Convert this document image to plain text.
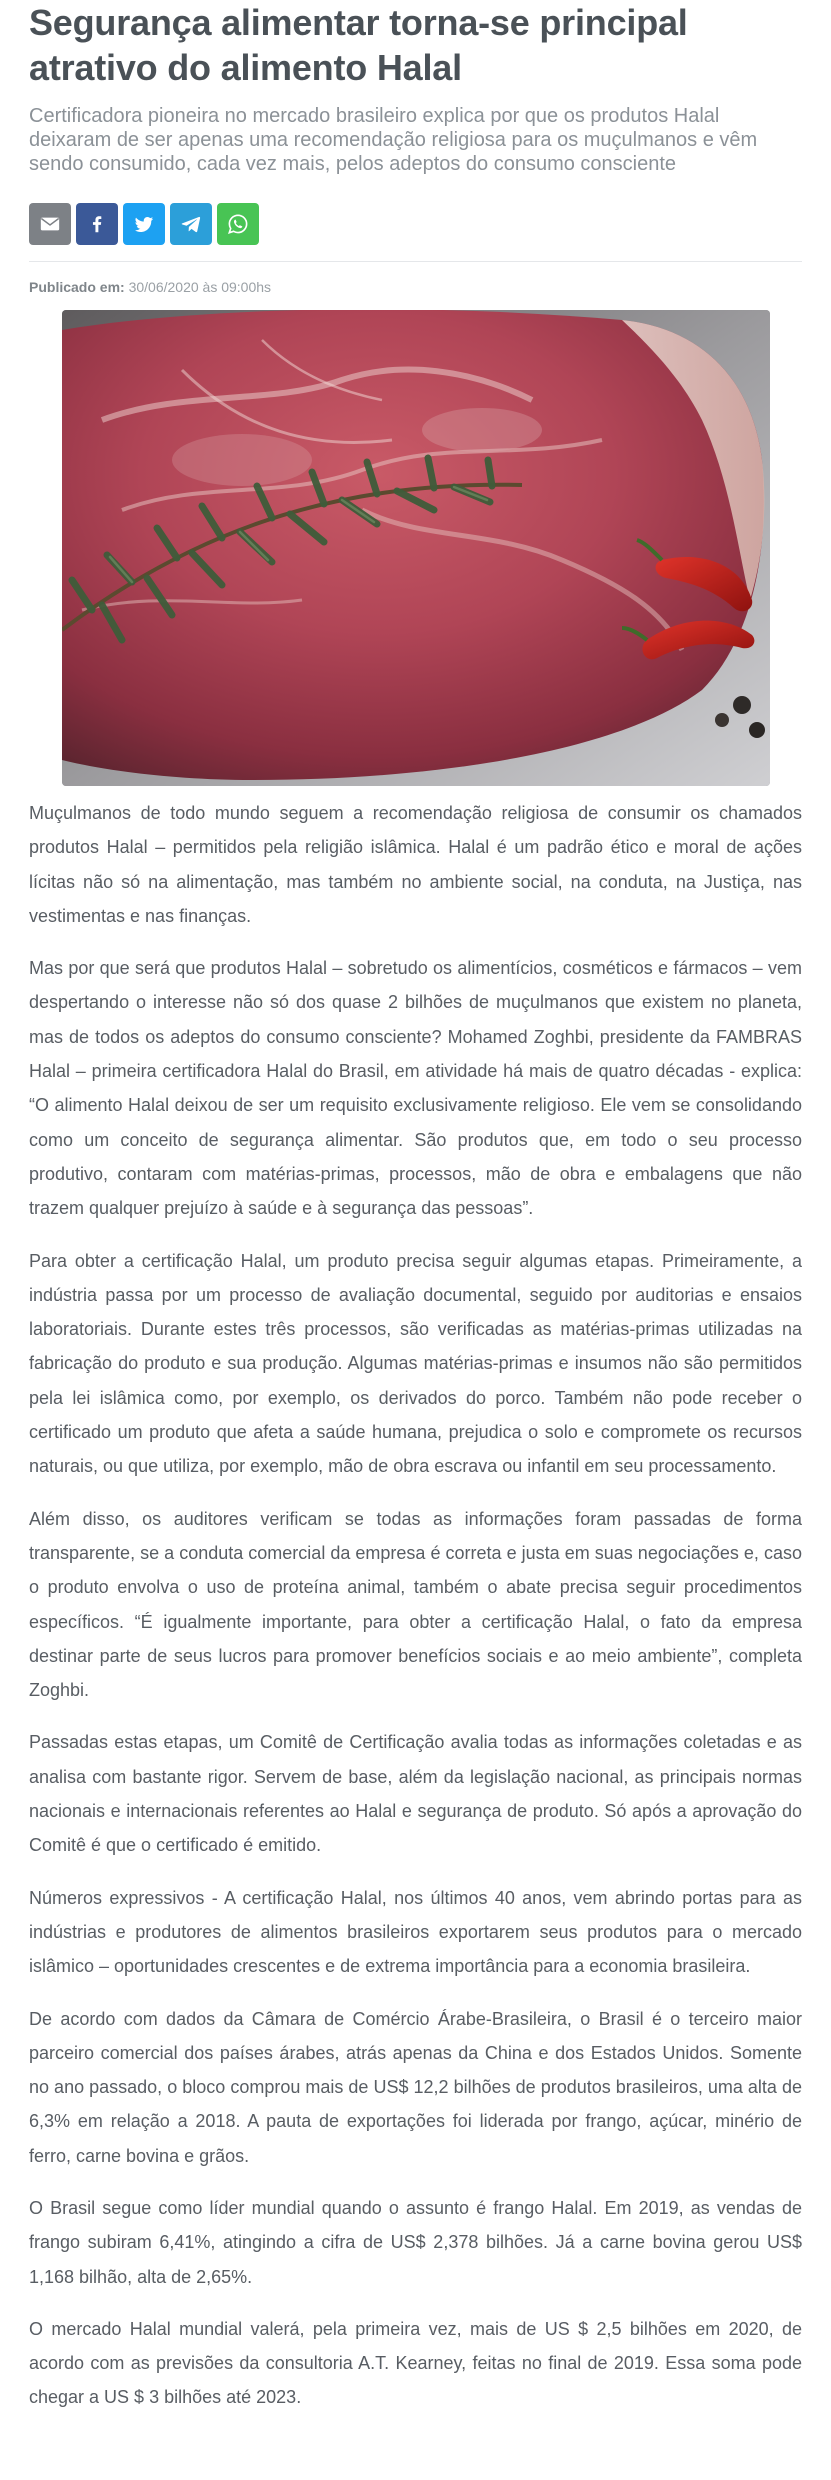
Segurança alimentar torna-se principal atrativo do alimento Halal

Certificadora pioneira no mercado brasileiro explica por que os produtos Halal deixaram de ser apenas uma recomendação religiosa para os muçulmanos e vêm sendo consumido, cada vez mais, pelos adeptos do consumo consciente

Publicado em: 30/06/2020 às 09:00hs

Muçulmanos de todo mundo seguem a recomendação religiosa de consumir os chamados produtos Halal – permitidos pela religião islâmica. Halal é um padrão ético e moral de ações lícitas não só na alimentação, mas também no ambiente social, na conduta, na Justiça, nas vestimentas e nas finanças.

Mas por que será que produtos Halal – sobretudo os alimentícios, cosméticos e fármacos – vem despertando o interesse não só dos quase 2 bilhões de muçulmanos que existem no planeta, mas de todos os adeptos do consumo consciente? Mohamed Zoghbi, presidente da FAMBRAS Halal – primeira certificadora Halal do Brasil, em atividade há mais de quatro décadas - explica: “O alimento Halal deixou de ser um requisito exclusivamente religioso. Ele vem se consolidando como um conceito de segurança alimentar. São produtos que, em todo o seu processo produtivo, contaram com matérias-primas, processos, mão de obra e embalagens que não trazem qualquer prejuízo à saúde e à segurança das pessoas”.

Para obter a certificação Halal, um produto precisa seguir algumas etapas. Primeiramente, a indústria passa por um processo de avaliação documental, seguido por auditorias e ensaios laboratoriais. Durante estes três processos, são verificadas as matérias-primas utilizadas na fabricação do produto e sua produção. Algumas matérias-primas e insumos não são permitidos pela lei islâmica como, por exemplo, os derivados do porco. Também não pode receber o certificado um produto que afeta a saúde humana, prejudica o solo e compromete os recursos naturais, ou que utiliza, por exemplo, mão de obra escrava ou infantil em seu processamento.

Além disso, os auditores verificam se todas as informações foram passadas de forma transparente, se a conduta comercial da empresa é correta e justa em suas negociações e, caso o produto envolva o uso de proteína animal, também o abate precisa seguir procedimentos específicos. “É igualmente importante, para obter a certificação Halal, o fato da empresa destinar parte de seus lucros para promover benefícios sociais e ao meio ambiente”, completa Zoghbi.

Passadas estas etapas, um Comitê de Certificação avalia todas as informações coletadas e as analisa com bastante rigor. Servem de base, além da legislação nacional, as principais normas nacionais e internacionais referentes ao Halal e segurança de produto. Só após a aprovação do Comitê é que o certificado é emitido.

Números expressivos - A certificação Halal, nos últimos 40 anos, vem abrindo portas para as indústrias e produtores de alimentos brasileiros exportarem seus produtos para o mercado islâmico – oportunidades crescentes e de extrema importância para a economia brasileira.

De acordo com dados da Câmara de Comércio Árabe-Brasileira, o Brasil é o terceiro maior parceiro comercial dos países árabes, atrás apenas da China e dos Estados Unidos. Somente no ano passado, o bloco comprou mais de US$ 12,2 bilhões de produtos brasileiros, uma alta de 6,3% em relação a 2018. A pauta de exportações foi liderada por frango, açúcar, minério de ferro, carne bovina e grãos.

O Brasil segue como líder mundial quando o assunto é frango Halal. Em 2019, as vendas de frango subiram 6,41%, atingindo a cifra de US$ 2,378 bilhões. Já a carne bovina gerou US$ 1,168 bilhão, alta de 2,65%.

O mercado Halal mundial valerá, pela primeira vez, mais de US $ 2,5 bilhões em 2020, de acordo com as previsões da consultoria A.T. Kearney, feitas no final de 2019. Essa soma pode chegar a US $ 3 bilhões até 2023.
